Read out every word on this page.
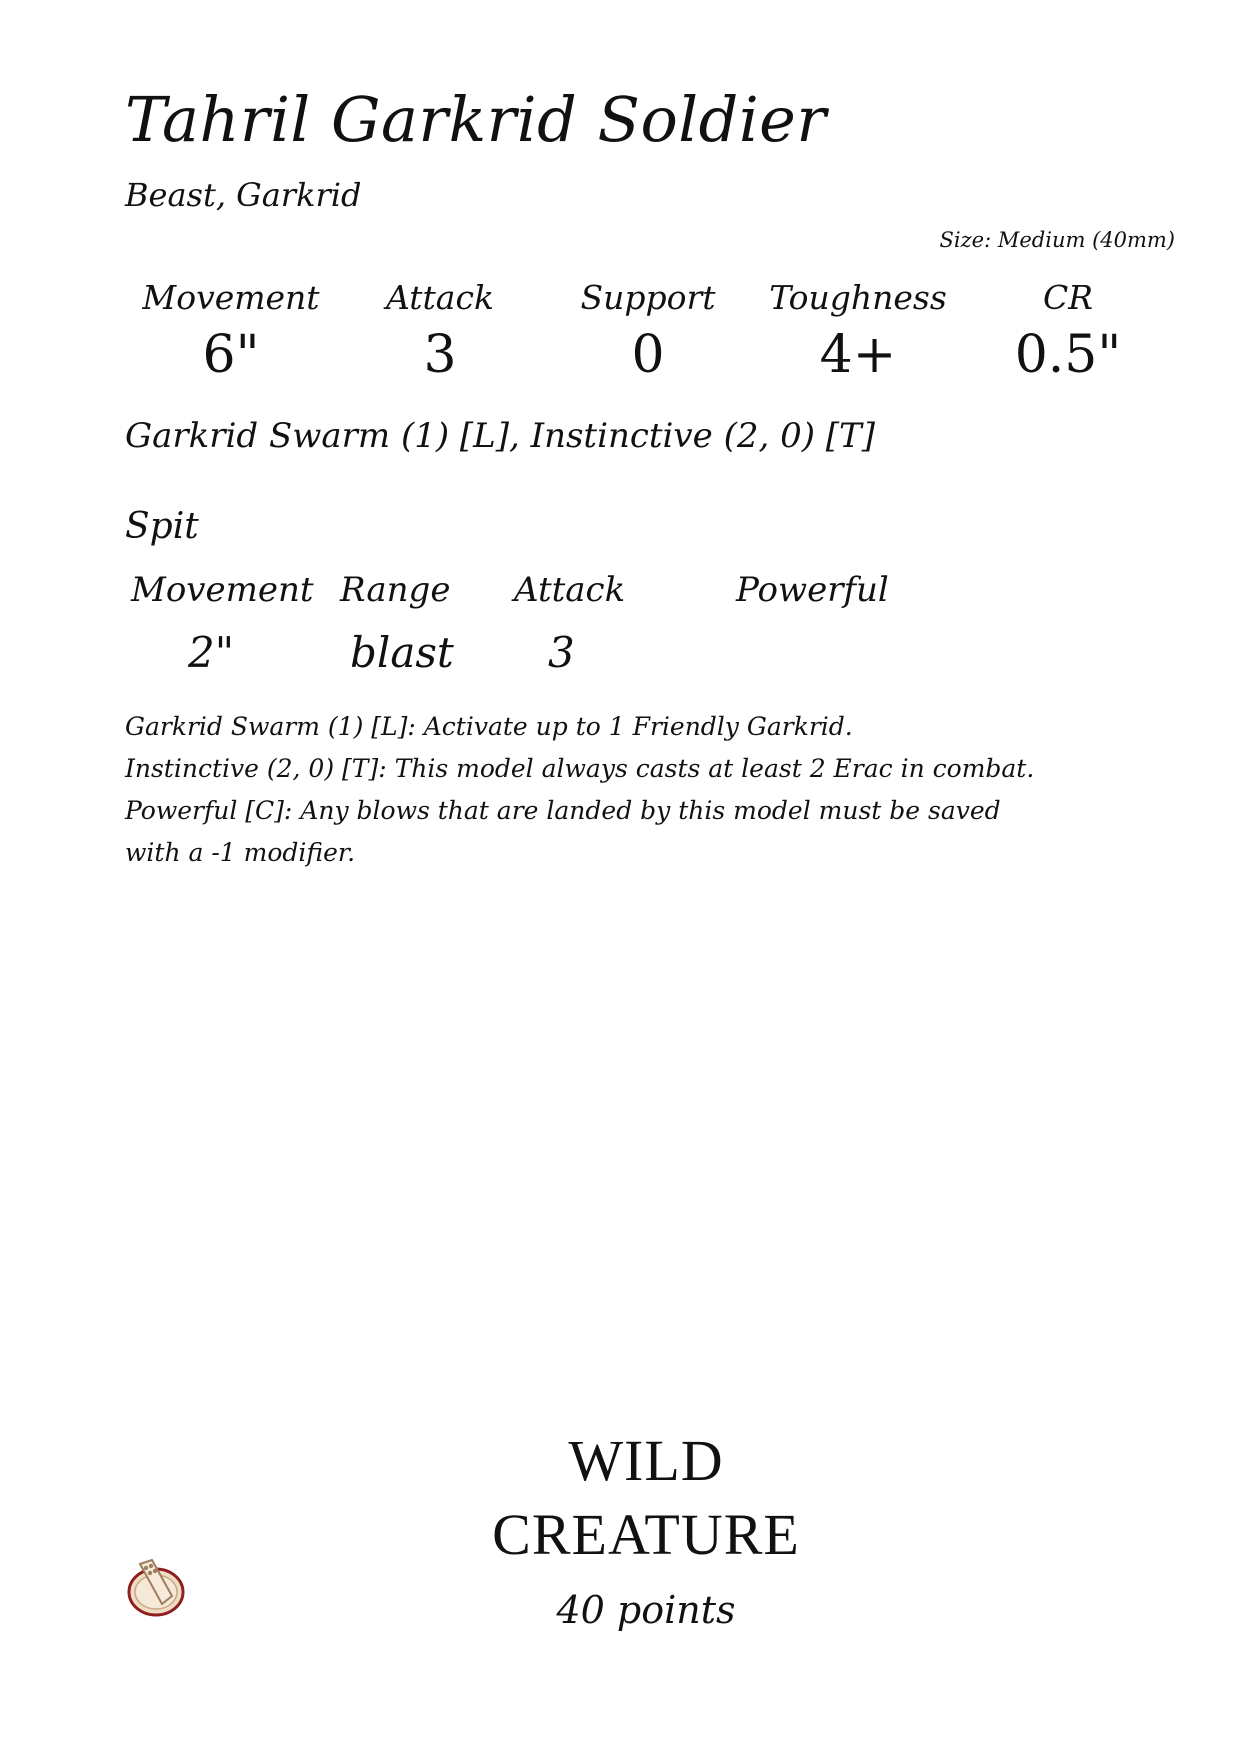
Tahril Garkrid Soldier
Beast, Garkrid
Size: Medium (40mm)
Movement
6"
Attack
3
Support
0
Toughness
4+
CR
0.5"
Garkrid Swarm (1) [L], Instinctive (2, 0) [T]
Spit
Movement Range Attack	Powerful
2"	blast 3

Garkrid Swarm (1) [L]: Activate up to 1 Friendly Garkrid.

Instinctive (2, 0) [T]: This model always casts at least 2 Erac in combat.

Powerful [C]: Any blows that are landed by this model must be saved with a -1 modifier.

WILD
CREATURE
40 points
